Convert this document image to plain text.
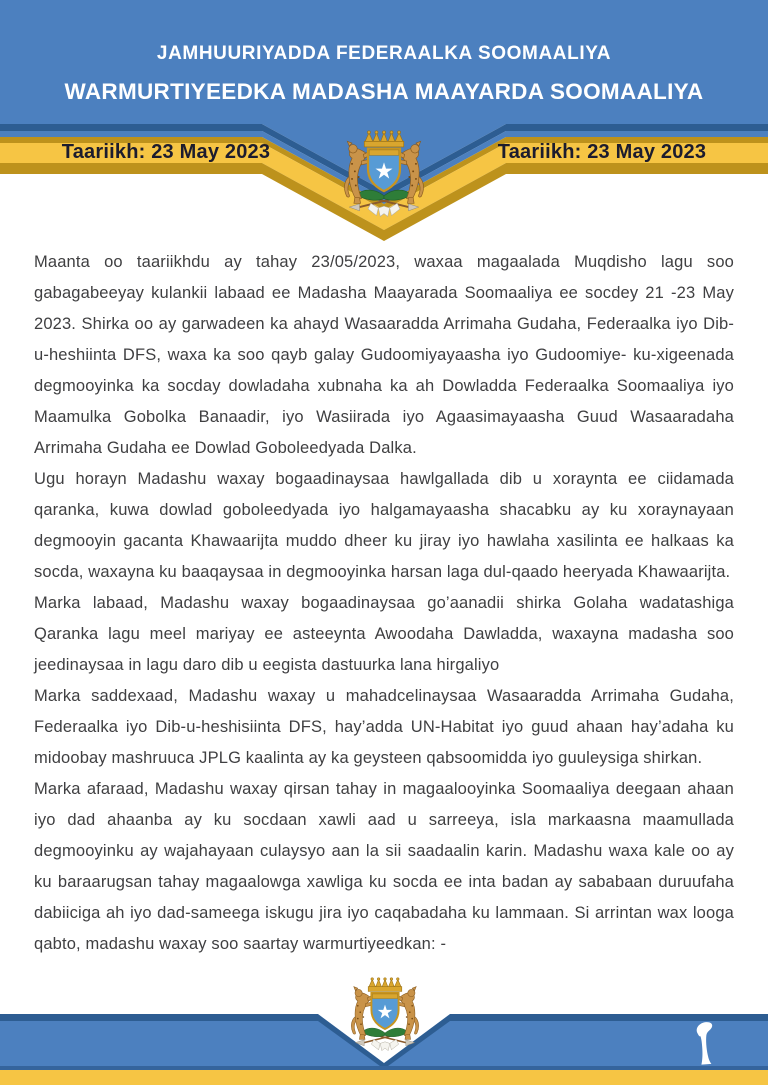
JAMHUURIYADDA FEDERAALKA SOOMAALIYA
WARMURTIYEEDKA MADASHA MAAYARDA SOOMAALIYA
Taariikh: 23 May 2023	Taariikh: 23 May 2023

Maanta oo taariikhdu ay tahay 23/05/2023, waxaa magaalada Muqdisho lagu soo gabagabeeyay kulankii labaad ee Madasha Maayarada Soomaaliya ee socdey 21 -23 May 2023. Shirka oo ay garwadeen ka ahayd Wasaaradda Arrimaha Gudaha, Federaalka iyo Dib-u-heshiinta DFS, waxa ka soo qayb galay Gudoomiyayaasha iyo Gudoomiye- ku-xigeenada degmooyinka ka socday dowladaha xubnaha ka ah Dowladda Federaalka Soomaaliya iyo Maamulka Gobolka Banaadir, iyo Wasiirada iyo Agaasimayaasha Guud Wasaaradaha Arrimaha Gudaha ee Dowlad Goboleedyada Dalka.

Ugu horayn Madashu waxay bogaadinaysaa hawlgallada dib u xoraynta ee ciidamada qaranka, kuwa dowlad goboleedyada iyo halgamayaasha shacabku ay ku xoraynayaan degmooyin gacanta Khawaarijta muddo dheer ku jiray iyo hawlaha xasilinta ee halkaas ka socda, waxayna ku baaqaysaa in degmooyinka harsan laga dul-qaado heeryada Khawaarijta.

Marka labaad, Madashu waxay bogaadinaysaa go’aanadii shirka Golaha wadatashiga Qaranka lagu meel mariyay ee asteeynta Awoodaha Dawladda, waxayna madasha soo jeedinaysaa in lagu daro dib u eegista dastuurka lana hirgaliyo

Marka saddexaad, Madashu waxay u mahadcelinaysaa Wasaaradda Arrimaha Gudaha, Federaalka iyo Dib-u-heshisiinta DFS, hay’adda UN-Habitat iyo guud ahaan hay’adaha ku midoobay mashruuca JPLG kaalinta ay ka geysteen qabsoomidda iyo guuleysiga shirkan.

Marka afaraad, Madashu waxay qirsan tahay in magaalooyinka Soomaaliya deegaan ahaan iyo dad ahaanba ay ku socdaan xawli aad u sarreeya, isla markaasna maamullada degmooyinku ay wajahayaan culaysyo aan la sii saadaalin karin. Madashu waxa kale oo ay ku baraarugsan tahay magaalowga xawliga ku socda ee inta badan ay sababaan duruufaha dabiiciga ah iyo dad-sameega iskugu jira iyo caqabadaha ku lammaan. Si arrintan wax looga qabto, madashu waxay soo saartay warmurtiyeedkan: -
